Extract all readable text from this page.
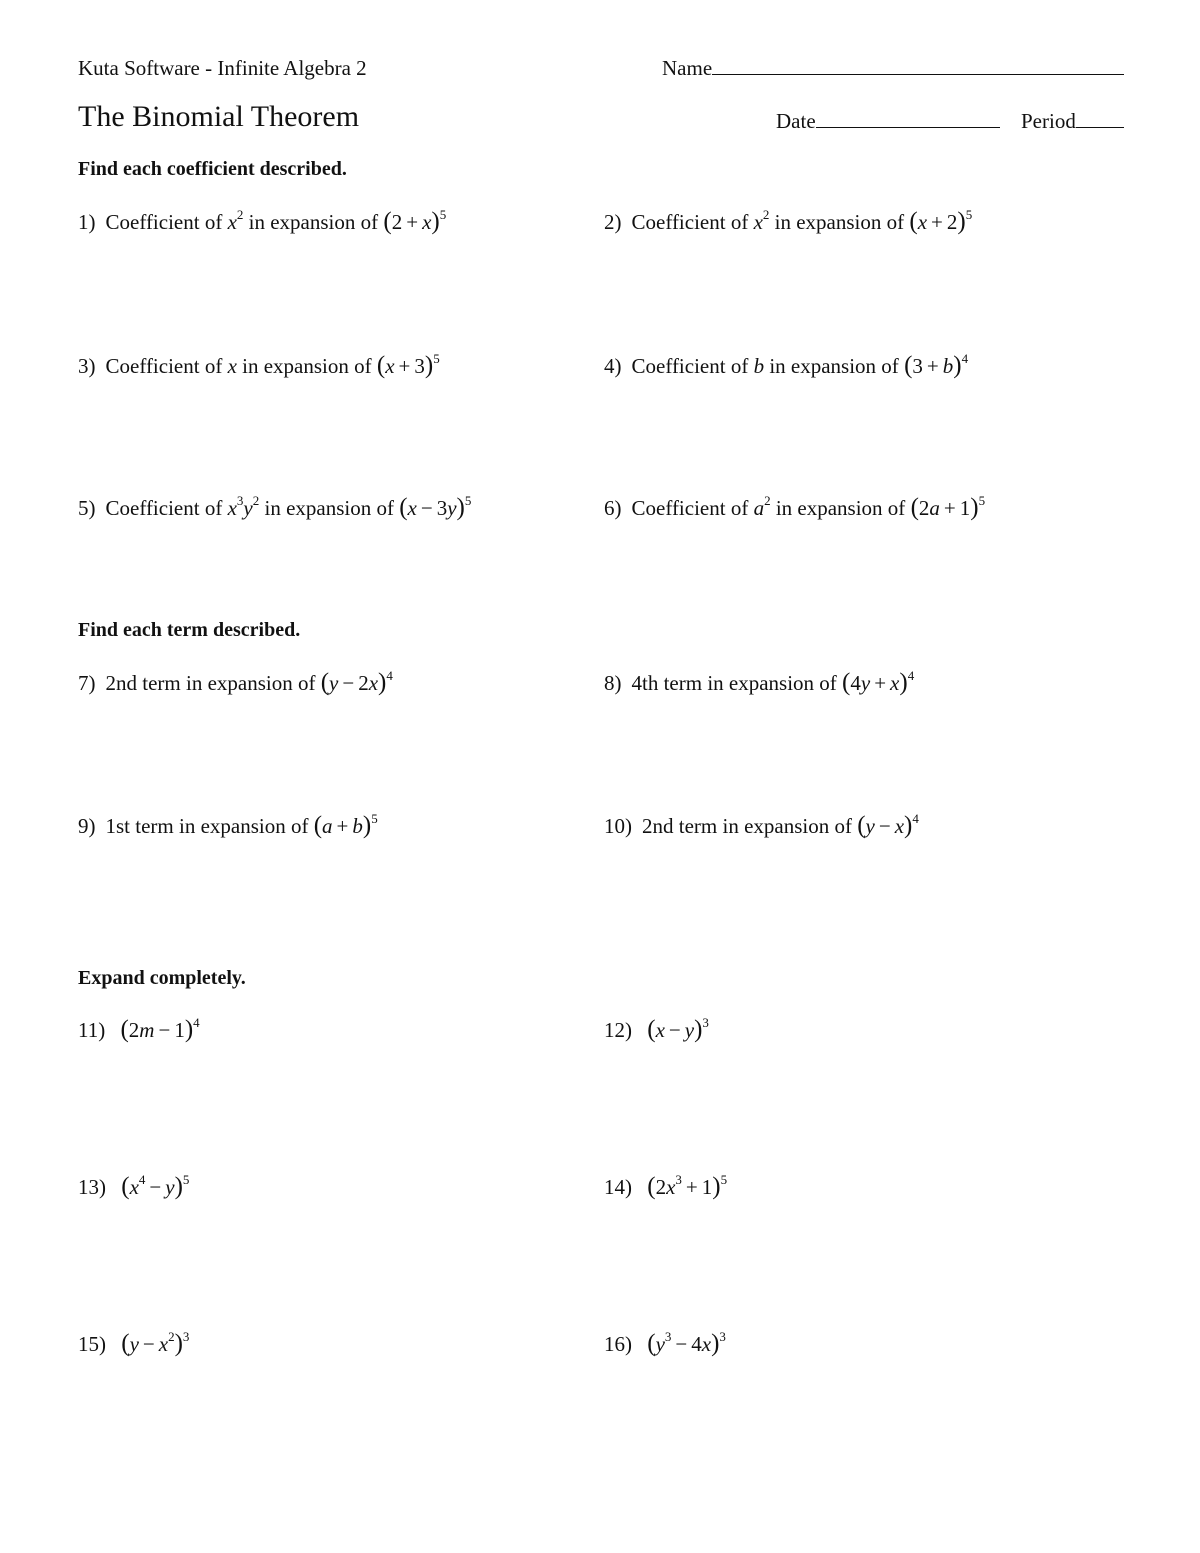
Kuta Software - Infinite Algebra 2	Name
The Binomial Theorem	Date	Period
Find each coefficient described.
1) Coefficient of $x^2$ in expansion of $(2 + x)^5$	2) Coefficient of $x^2$ in expansion of $(x + 2)^5$
3) Coefficient of x in expansion of $(x + 3)^5$	4) Coefficient of b in expansion of $(3 + b)^4$
5) Coefficient of $x^3y^2$ in expansion of $(x - 3y)^5$	6) Coefficient of $a^2$ in expansion of $(2a + 1)^5$
Find each term described.
7) 2nd term in expansion of $(y - 2x)^4$	8) 4th term in expansion of $(4y + x)^4$
9) 1st term in expansion of $(a + b)^5$	10) 2nd term in expansion of $(y - x)^4$
Expand completely.
11) $(2m - 1)^4$	12) $(x - y)^3$
13) $(x^4 - y)^5$	14) $(2x^3 + 1)^5$
15) $(y - x^2)^3$	16) $(y^3 - 4x)^3$
